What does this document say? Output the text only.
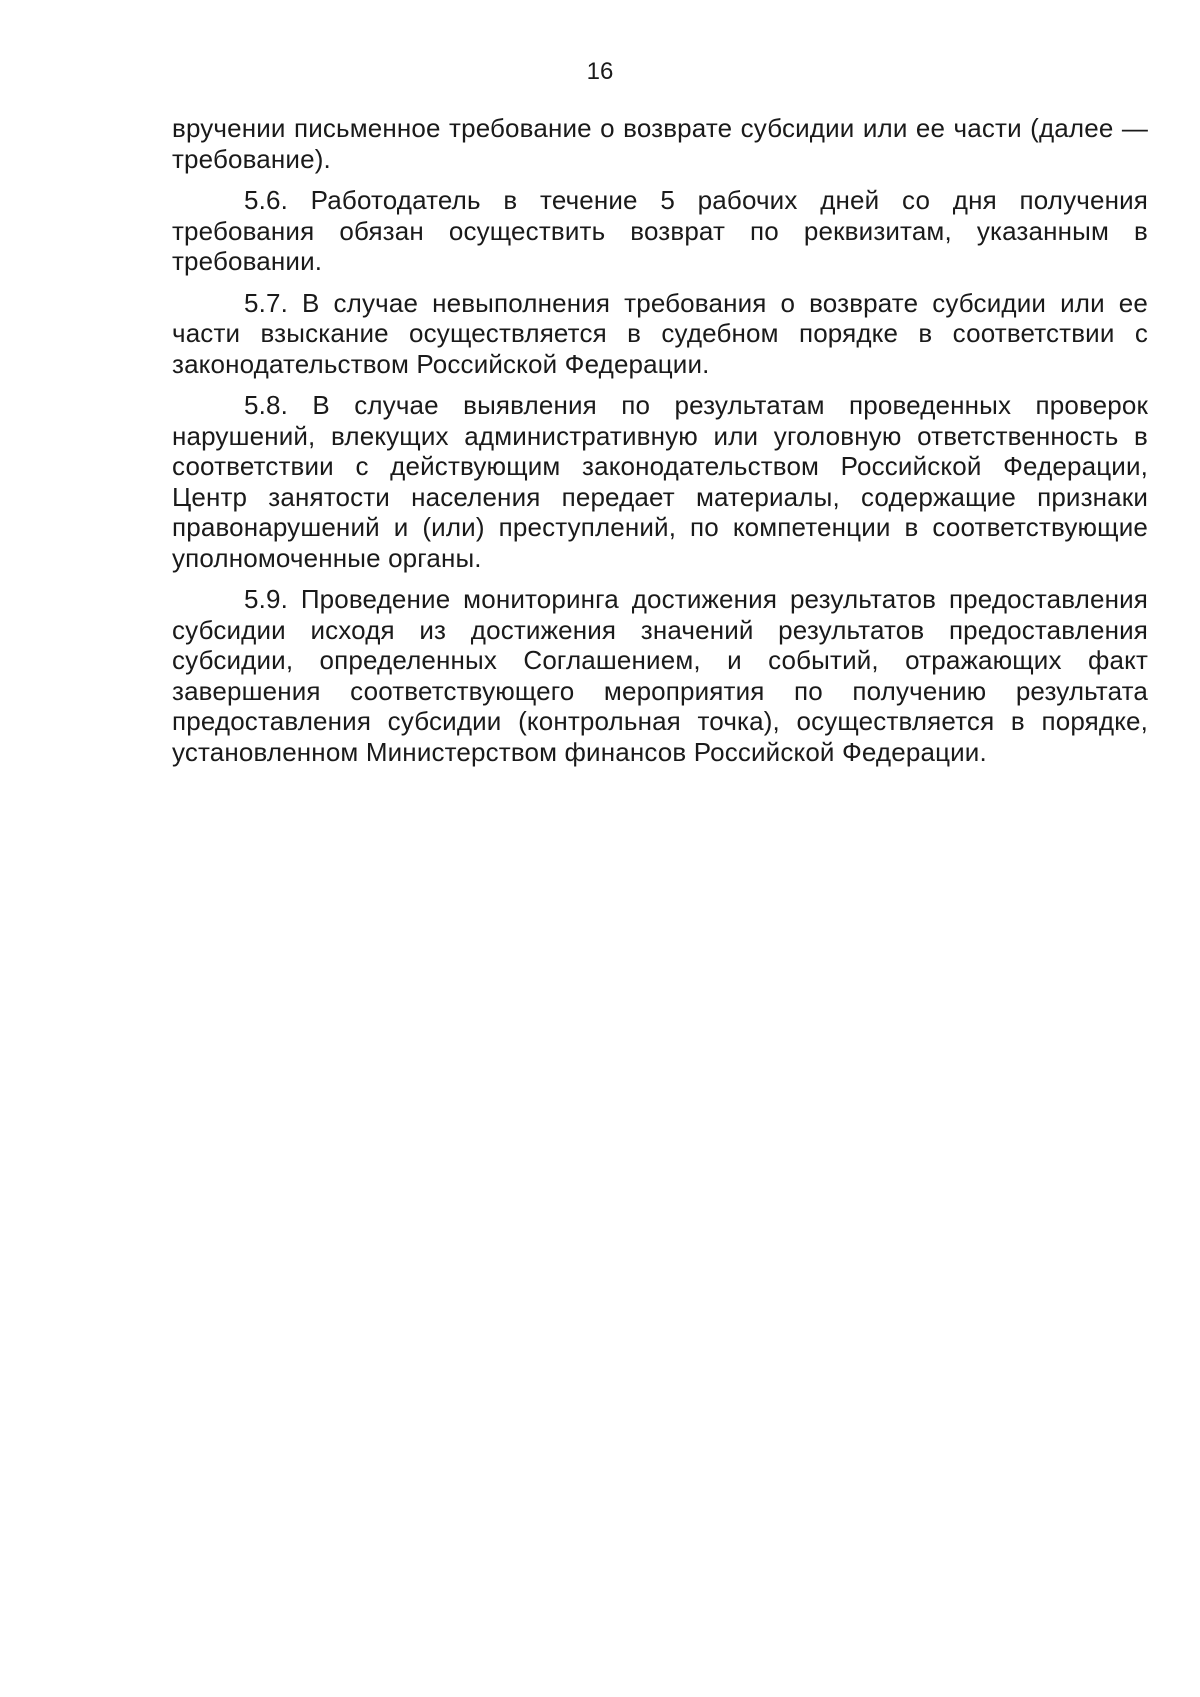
16

вручении письменное требование о возврате субсидии или ее части (далее — требование).

5.6. Работодатель в течение 5 рабочих дней со дня получения требования обязан осуществить возврат по реквизитам, указанным в требовании.

5.7. В случае невыполнения требования о возврате субсидии или ее части взыскание осуществляется в судебном порядке в соответствии с законодательством Российской Федерации.

5.8. В случае выявления по результатам проведенных проверок нарушений, влекущих административную или уголовную ответственность в соответствии с действующим законодательством Российской Федерации, Центр занятости населения передает материалы, содержащие признаки правонарушений и (или) преступлений, по компетенции в соответствующие уполномоченные органы.

5.9. Проведение мониторинга достижения результатов предоставления субсидии исходя из достижения значений результатов предоставления субсидии, определенных Соглашением, и событий, отражающих факт завершения соответствующего мероприятия по получению результата предоставления субсидии (контрольная точка), осуществляется в порядке, установленном Министерством финансов Российской Федерации.
